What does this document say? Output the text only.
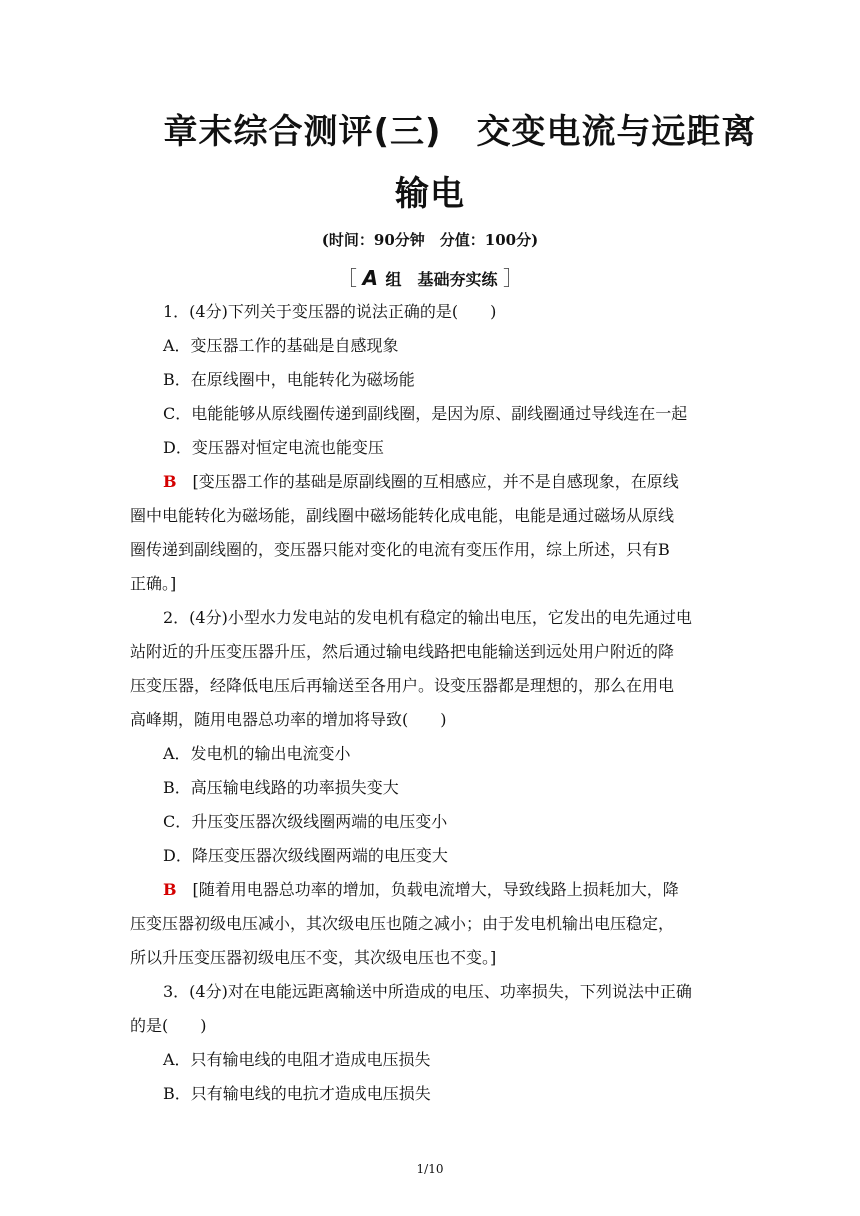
章末综合测评(三)　交变电流与远距离
输电
(时间：90分钟　分值：100分)
［ A 组　基础夯实练 ］
1．(4分)下列关于变压器的说法正确的是(　　)
A．变压器工作的基础是自感现象
B．在原线圈中，电能转化为磁场能
C．电能能够从原线圈传递到副线圈，是因为原、副线圈通过导线连在一起
D．变压器对恒定电流也能变压
B [变压器工作的基础是原副线圈的互相感应，并不是自感现象，在原线
圈中电能转化为磁场能，副线圈中磁场能转化成电能，电能是通过磁场从原线
圈传递到副线圈的，变压器只能对变化的电流有变压作用，综上所述，只有B
正确。]
2．(4分)小型水力发电站的发电机有稳定的输出电压，它发出的电先通过电
站附近的升压变压器升压，然后通过输电线路把电能输送到远处用户附近的降
压变压器，经降低电压后再输送至各用户。设变压器都是理想的，那么在用电
高峰期，随用电器总功率的增加将导致(　　)
A．发电机的输出电流变小
B．高压输电线路的功率损失变大
C．升压变压器次级线圈两端的电压变小
D．降压变压器次级线圈两端的电压变大
B [随着用电器总功率的增加，负载电流增大，导致线路上损耗加大，降
压变压器初级电压减小，其次级电压也随之减小；由于发电机输出电压稳定，
所以升压变压器初级电压不变，其次级电压也不变。]
3．(4分)对在电能远距离输送中所造成的电压、功率损失，下列说法中正确
的是(　　)
A．只有输电线的电阻才造成电压损失
B．只有输电线的电抗才造成电压损失
1/10
